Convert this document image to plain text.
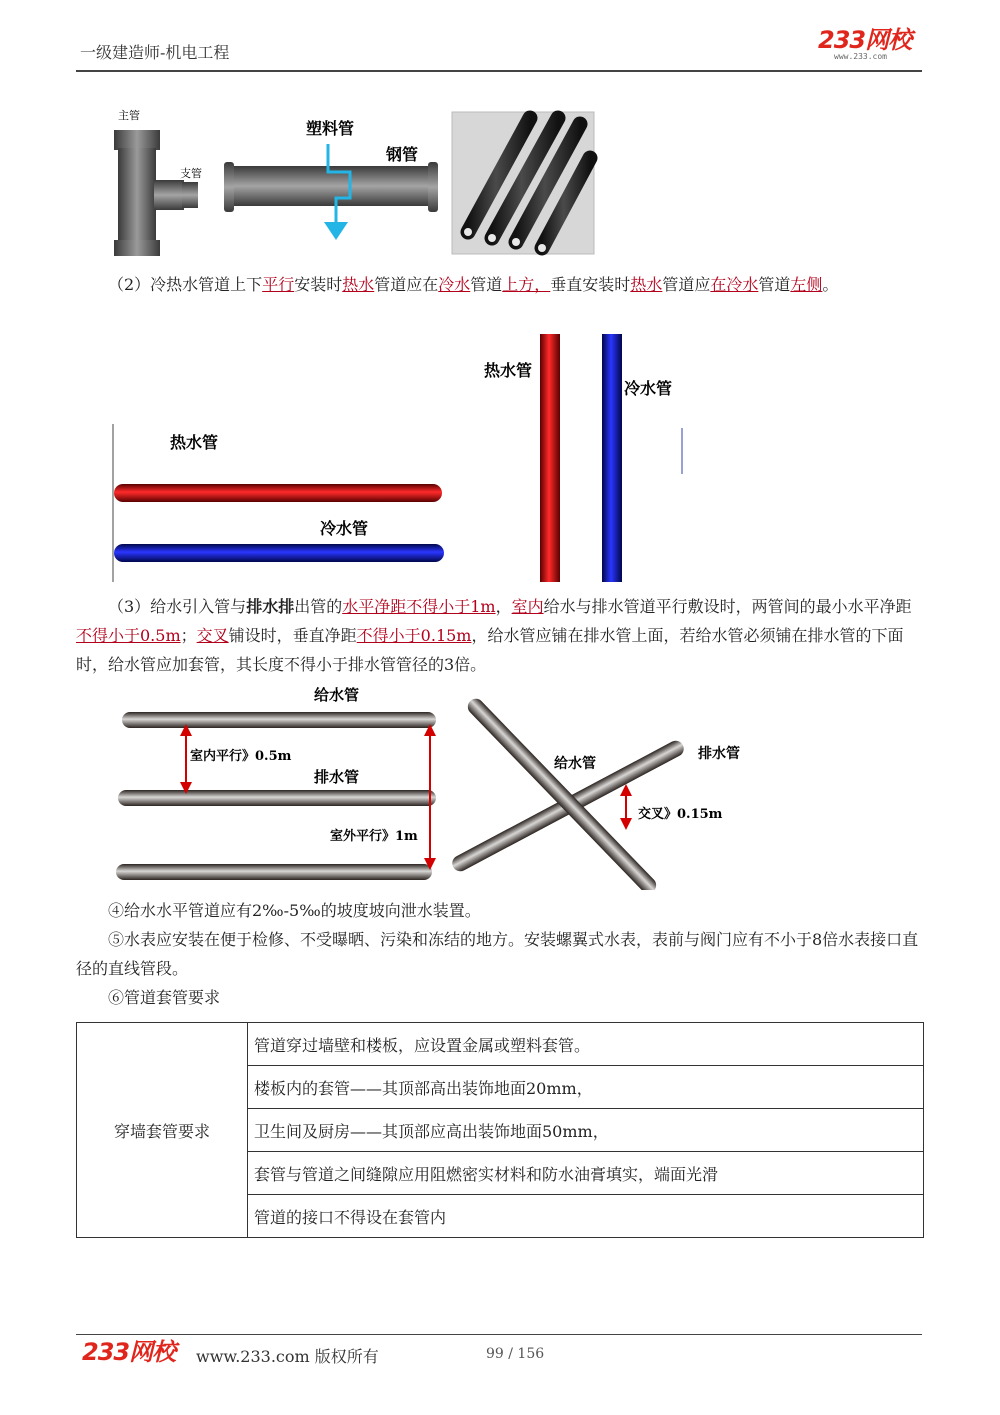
一级建造师-机电工程	233网校
www.233.com
主管
支管
塑料管
钢管
（2）冷热水管道上下平行安装时热水管道应在冷水管道上方，垂直安装时热水管道应在冷水管道左侧。
热水管
冷水管
热水管
冷水管
（3）给水引入管与排水排出管的水平净距不得小于1m，室内给水与排水管道平行敷设时，两管间的最小水平净距不得小于0.5m；交叉铺设时，垂直净距不得小于0.15m，给水管应铺在排水管上面，若给水管必须铺在排水管的下面时，给水管应加套管，其长度不得小于排水管管径的3倍。
给水管
室内平行》0.5m
排水管
室外平行》1m
给水管
排水管
交叉》0.15m
④给水水平管道应有2‰-5‰的坡度坡向泄水装置。
⑤水表应安装在便于检修、不受曝晒、污染和冻结的地方。安装螺翼式水表，表前与阀门应有不小于8倍水表接口直径的直线管段。
⑥管道套管要求
穿墙套管要求	管道穿过墙壁和楼板，应设置金属或塑料套管。
楼板内的套管——其顶部高出装饰地面20mm，
卫生间及厨房——其顶部应高出装饰地面50mm，
套管与管道之间缝隙应用阻燃密实材料和防水油膏填实，端面光滑
管道的接口不得设在套管内
233网校 www.233.com 版权所有	99 / 156
